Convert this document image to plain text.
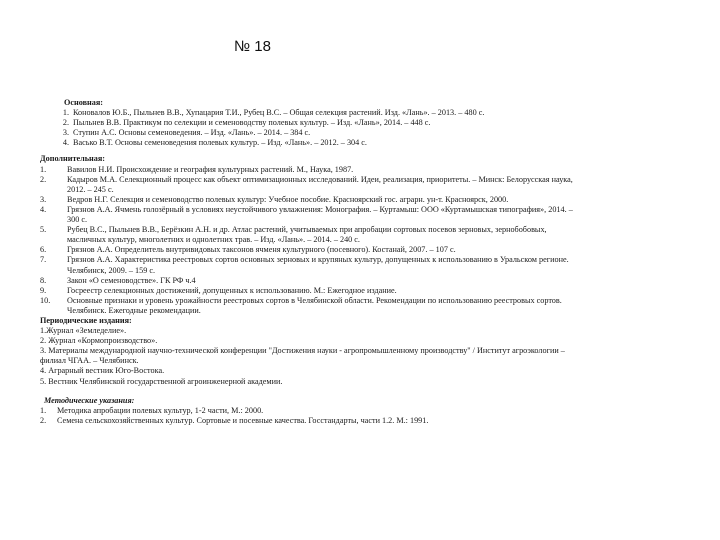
№ 18
Основная:
1. Коновалов Ю.Б., Пыльнев В.В., Хупацария Т.И., Рубец В.С. – Общая селекция растений. Изд. «Лань». – 2013. – 480 с.
2. Пыльнев В.В. Практикум по селекции и семеноводству полевых культур. – Изд. «Лань», 2014. – 448 с.
3. Ступин А.С. Основы семеноведения. – Изд. «Лань». – 2014. – 384 с.
4. Васько В.Т. Основы семеноведения полевых культур. – Изд. «Лань». – 2012. – 304 с.
Дополнительная:
1.	Вавилов Н.И. Происхождение и география культурных растений. М., Наука, 1987.
2.	Кадыров М.А. Селекционный процесс как объект оптимизационных исследований. Идеи, реализация, приоритеты. – Минск: Белорусская наука, 2012. – 245 с.
3.	Ведров Н.Г. Селекция и семеноводство полевых культур: Учебное пособие. Красноярский гос. аграрн. ун-т. Красноярск, 2000.
4.	Грязнов А.А. Ячмень голозёрный в условиях неустойчивого увлажнения: Монография. – Куртамыш: ООО «Куртамышская типография», 2014. – 300 с.
5.	Рубец В.С., Пыльнев В.В., Берёзкин А.Н. и др. Атлас растений, учитываемых при апробации сортовых посевов зерновых, зернобобовых, масличных культур, многолетних и однолетних трав. – Изд. «Лань». – 2014. – 240 с.
6.	Грязнов А.А. Определитель внутривидовых таксонов ячменя культурного (посевного). Костанай, 2007. – 107 с.
7.	Грязнов А.А. Характеристика реестровых сортов основных зерновых и крупяных культур, допущенных к использованию в Уральском регионе. Челябинск, 2009. – 159 с.
8.	Закон «О семеноводстве». ГК РФ ч.4
9.	Госреестр селекционных достижений, допущенных к использованию. М.: Ежегодное издание.
10.	Основные признаки и уровень урожайности реестровых сортов в Челябинской области. Рекомендации по использованию реестровых сортов. Челябинск. Ежегодные рекомендации.
Периодические издания:
1.Журнал «Земледелие».
2. Журнал «Кормопроизводство».
3. Материалы международной научно-технической конференции "Достижения науки - агропромышленному производству" / Институт агроэкологии – филиал ЧГАА. – Челябинск.
4. Аграрный вестник Юго-Востока.
5. Вестник Челябинской государственной агроинженерной академии.
Методические указания:
1.	Методика апробации полевых культур, 1-2 части, М.: 2000.
2.	Семена сельскохозяйственных культур. Сортовые и посевные качества. Госстандарты, части 1.2. М.: 1991.
